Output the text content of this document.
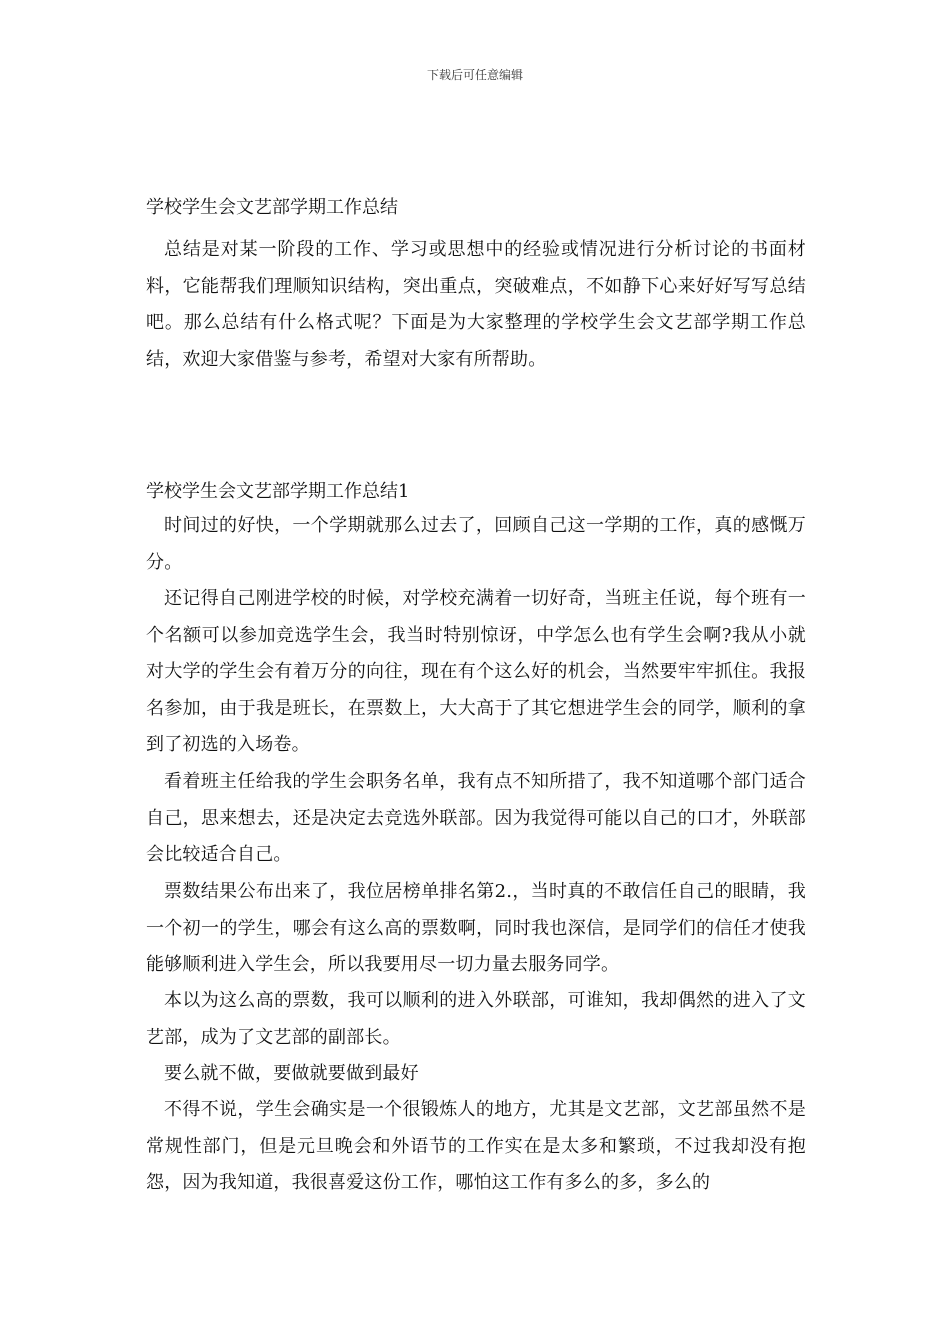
下载后可任意编辑
学校学生会文艺部学期工作总结

总结是对某一阶段的工作、学习或思想中的经验或情况进行分析讨论的书面材料，它能帮我们理顺知识结构，突出重点，突破难点，不如静下心来好好写写总结吧。那么总结有什么格式呢？下面是为大家整理的学校学生会文艺部学期工作总结，欢迎大家借鉴与参考，希望对大家有所帮助。

学校学生会文艺部学期工作总结1

时间过的好快，一个学期就那么过去了，回顾自己这一学期的工作，真的感慨万分。

还记得自己刚进学校的时候，对学校充满着一切好奇，当班主任说，每个班有一个名额可以参加竞选学生会，我当时特别惊讶，中学怎么也有学生会啊?我从小就对大学的学生会有着万分的向往，现在有个这么好的机会，当然要牢牢抓住。我报名参加，由于我是班长，在票数上，大大高于了其它想进学生会的同学，顺利的拿到了初选的入场卷。

看着班主任给我的学生会职务名单，我有点不知所措了，我不知道哪个部门适合自己，思来想去，还是决定去竞选外联部。因为我觉得可能以自己的口才，外联部会比较适合自己。

票数结果公布出来了，我位居榜单排名第2.，当时真的不敢信任自己的眼睛，我一个初一的学生，哪会有这么高的票数啊，同时我也深信，是同学们的信任才使我能够顺利进入学生会，所以我要用尽一切力量去服务同学。

本以为这么高的票数，我可以顺利的进入外联部，可谁知，我却偶然的进入了文艺部，成为了文艺部的副部长。

要么就不做，要做就要做到最好

不得不说，学生会确实是一个很锻炼人的地方，尤其是文艺部，文艺部虽然不是常规性部门，但是元旦晚会和外语节的工作实在是太多和繁琐，不过我却没有抱怨，因为我知道，我很喜爱这份工作，哪怕这工作有多么的多，多么的
